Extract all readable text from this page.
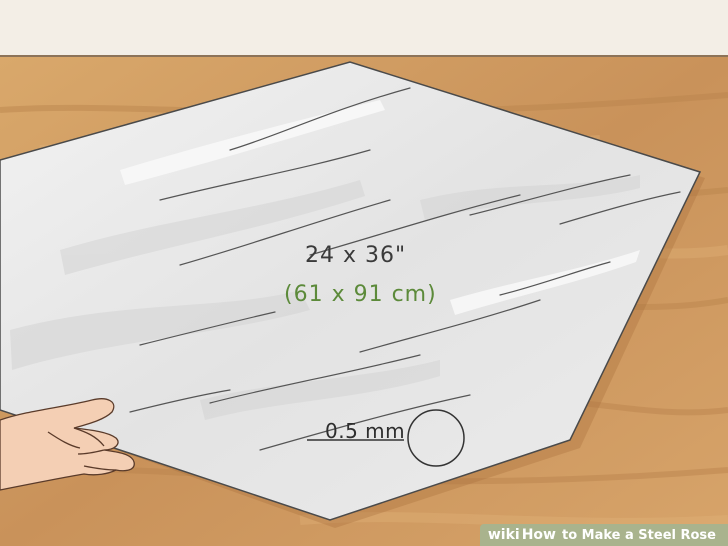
24 x 36"
(61 x 91 cm)
0.5 mm
wiki How to Make a Steel Rose
